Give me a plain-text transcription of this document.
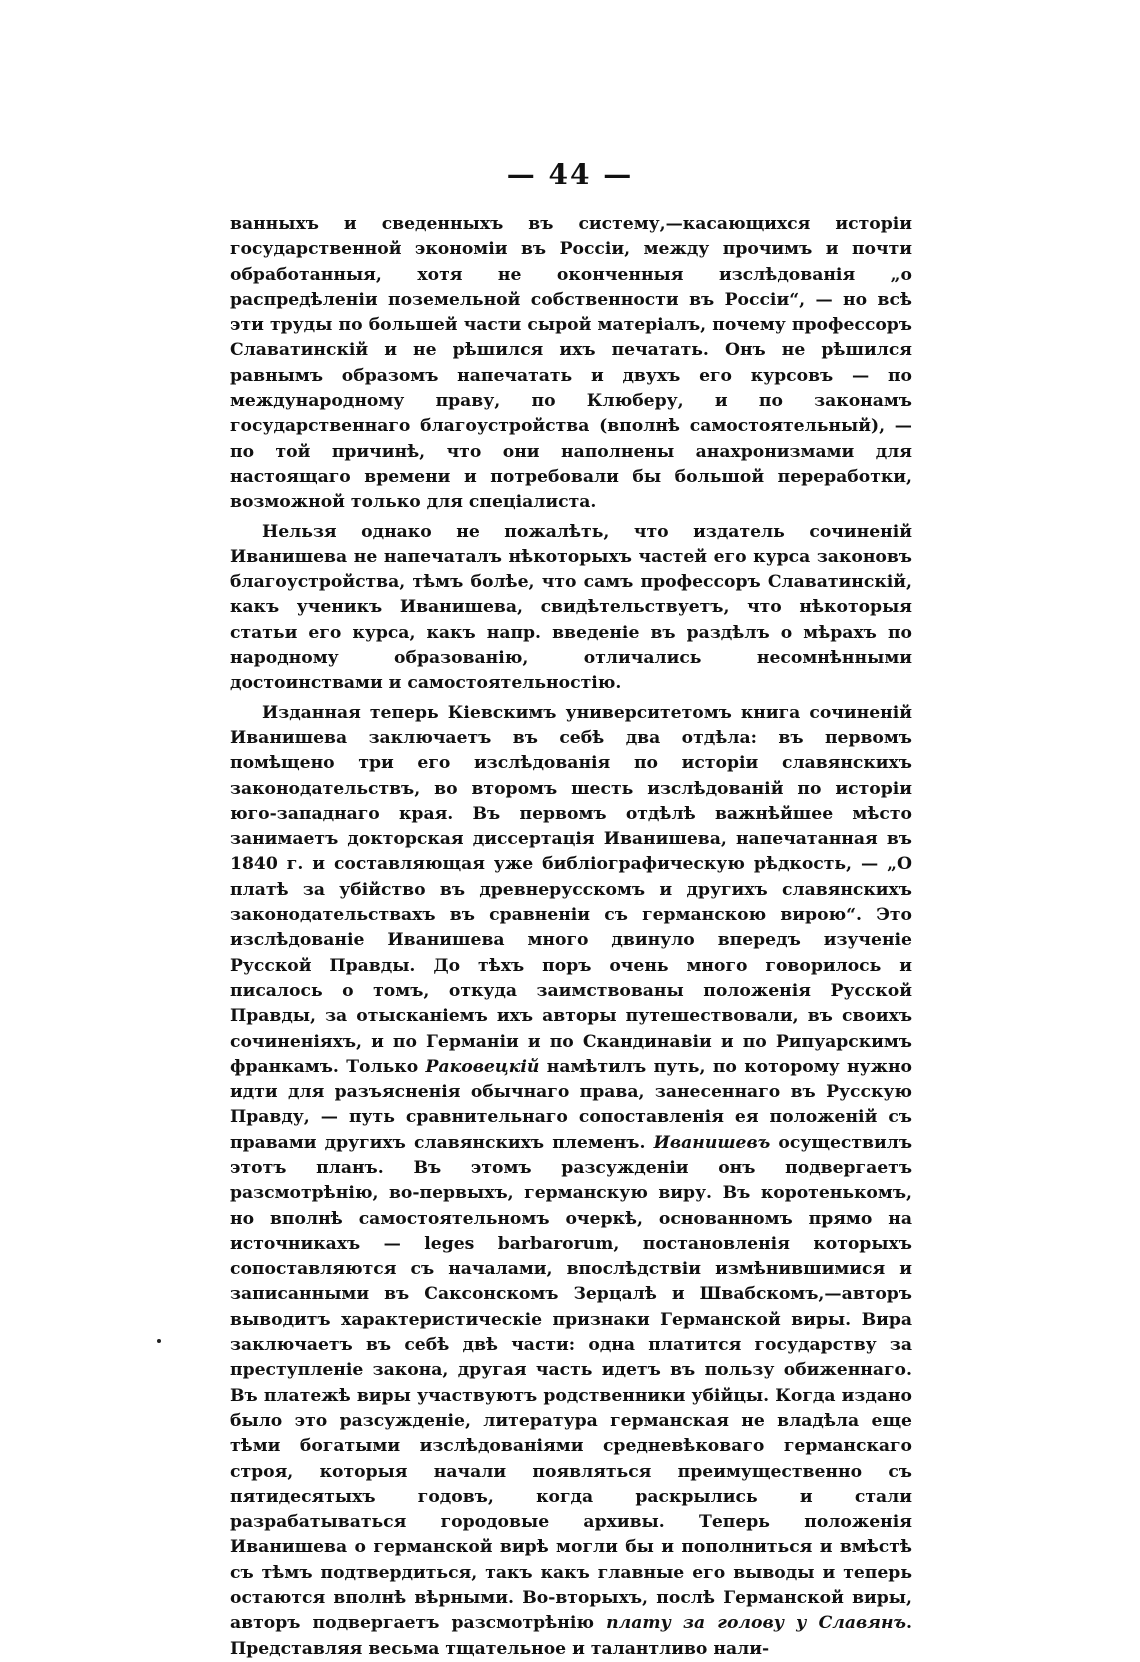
— 44 —

ванныхъ и сведенныхъ въ систему,—касающихся исторіи государственной экономіи въ Россіи, между прочимъ и почти обработанныя, хотя не оконченныя изслѣдованія „о распредѣленіи поземельной собственности въ Россіи“, — но всѣ эти труды по большей части сырой матеріалъ, почему профессоръ Славатинскій и не рѣшился ихъ печатать. Онъ не рѣшился равнымъ образомъ напечатать и двухъ его курсовъ — по международному праву, по Клюберу, и по законамъ государственнаго благоустройства (вполнѣ самостоятельный), — по той причинѣ, что они наполнены анахронизмами для настоящаго времени и потребовали бы большой переработки, возможной только для спеціалиста.

Нельзя однако не пожалѣть, что издатель сочиненій Иванишева не напечаталъ нѣкоторыхъ частей его курса законовъ благоустройства, тѣмъ болѣе, что самъ профессоръ Славатинскій, какъ ученикъ Иванишева, свидѣтельствуетъ, что нѣкоторыя статьи его курса, какъ напр. введеніе въ раздѣлъ о мѣрахъ по народному образованію, отличались несомнѣнными достоинствами и самостоятельностію.

Изданная теперь Кіевскимъ университетомъ книга сочиненій Иванишева заключаетъ въ себѣ два отдѣла: въ первомъ помѣщено три его изслѣдованія по исторіи славянскихъ законодательствъ, во второмъ шесть изслѣдованій по исторіи юго-западнаго края. Въ первомъ отдѣлѣ важнѣйшее мѣсто занимаетъ докторская диссертація Иванишева, напечатанная въ 1840 г. и составляющая уже библіографическую рѣдкость, — „О платѣ за убійство въ древнерусскомъ и другихъ славянскихъ законодательствахъ въ сравненіи съ германскою вирою“. Это изслѣдованіе Иванишева много двинуло впередъ изученіе Русской Правды. До тѣхъ поръ очень много говорилось и писалось о томъ, откуда заимствованы положенія Русской Правды, за отысканіемъ ихъ авторы путешествовали, въ своихъ сочиненіяхъ, и по Германіи и по Скандинавіи и по Рипуарскимъ франкамъ. Только Раковецкій намѣтилъ путь, по которому нужно идти для разъясненія обычнаго права, занесеннаго въ Русскую Правду, — путь сравнительнаго сопоставленія ея положеній съ правами другихъ славянскихъ племенъ. Иванишевъ осуществилъ этотъ планъ. Въ этомъ разсужденіи онъ подвергаетъ разсмотрѣнію, во-первыхъ, германскую виру. Въ коротенькомъ, но вполнѣ самостоятельномъ очеркѣ, основанномъ прямо на источникахъ — leges barbarorum, постановленія которыхъ сопоставляются съ началами, впослѣдствіи измѣнившимися и записанными въ Саксонскомъ Зерцалѣ и Швабскомъ,—авторъ выводитъ характеристическіе признаки Германской виры. Вира заключаетъ въ себѣ двѣ части: одна платится государству за преступленіе закона, другая часть идетъ въ пользу обиженнаго. Въ платежѣ виры участвуютъ родственники убійцы. Когда издано было это разсужденіе, литература германская не владѣла еще тѣми богатыми изслѣдованіями средневѣковаго германскаго строя, которыя начали появляться преимущественно съ пятидесятыхъ годовъ, когда раскрылись и стали разрабатываться городовые архивы. Теперь положенія Иванишева о германской вирѣ могли бы и пополниться и вмѣстѣ съ тѣмъ подтвердиться, такъ какъ главные его выводы и теперь остаются вполнѣ вѣрными. Во-вторыхъ, послѣ Германской виры, авторъ подвергаетъ разсмотрѣнію плату за голову у Славянъ. Представляя весьма тщательное и талантливо нали-
